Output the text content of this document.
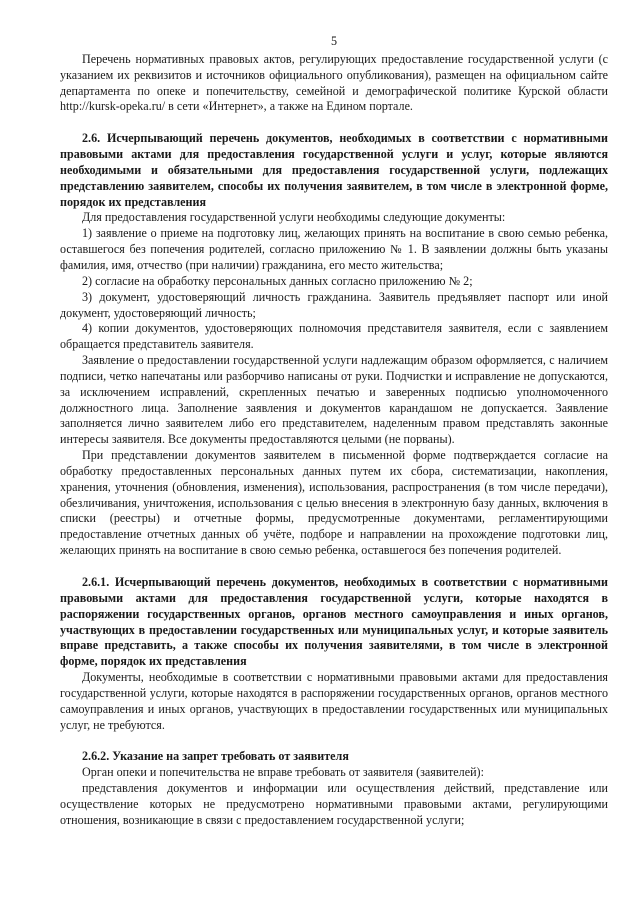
5

Перечень нормативных правовых актов, регулирующих предоставление государственной услуги (с указанием их реквизитов и источников официального опубликования), размещен на официальном сайте департамента по опеке и попечительству, семейной и демографической политике Курской области http://kursk-opeka.ru/ в сети «Интернет», а также на Едином портале.

2.6. Исчерпывающий перечень документов, необходимых в соответствии с нормативными правовыми актами для предоставления государственной услуги и услуг, которые являются необходимыми и обязательными для предоставления государственной услуги, подлежащих представлению заявителем, способы их получения заявителем, в том числе в электронной форме, порядок их представления

Для предоставления государственной услуги необходимы следующие документы:

1) заявление о приеме на подготовку лиц, желающих принять на воспитание в свою семью ребенка, оставшегося без попечения родителей, согласно приложению № 1. В заявлении должны быть указаны фамилия, имя, отчество (при наличии) гражданина, его место жительства;

2) согласие на обработку персональных данных согласно приложению № 2;

3) документ, удостоверяющий личность гражданина. Заявитель предъявляет паспорт или иной документ, удостоверяющий личность;

4) копии документов, удостоверяющих полномочия представителя заявителя, если с заявлением обращается представитель заявителя.

Заявление о предоставлении государственной услуги надлежащим образом оформляется, с наличием подписи, четко напечатаны или разборчиво написаны от руки. Подчистки и исправление не допускаются, за исключением исправлений, скрепленных печатью и заверенных подписью уполномоченного должностного лица. Заполнение заявления и документов карандашом не допускается. Заявление заполняется лично заявителем либо его представителем, наделенным правом представлять законные интересы заявителя. Все документы предоставляются целыми (не порваны).

При представлении документов заявителем в письменной форме подтверждается согласие на обработку предоставленных персональных данных путем их сбора, систематизации, накопления, хранения, уточнения (обновления, изменения), использования, распространения (в том числе передачи), обезличивания, уничтожения, использования с целью внесения в электронную базу данных, включения в списки (реестры) и отчетные формы, предусмотренные документами, регламентирующими предоставление отчетных данных об учёте, подборе и направлении на прохождение подготовки лиц, желающих принять на воспитание в свою семью ребенка, оставшегося без попечения родителей.

2.6.1. Исчерпывающий перечень документов, необходимых в соответствии с нормативными правовыми актами для предоставления государственной услуги, которые находятся в распоряжении государственных органов, органов местного самоуправления и иных органов, участвующих в предоставлении государственных или муниципальных услуг, и которые заявитель вправе представить, а также способы их получения заявителями, в том числе в электронной форме, порядок их представления

Документы, необходимые в соответствии с нормативными правовыми актами для предоставления государственной услуги, которые находятся в распоряжении государственных органов, органов местного самоуправления и иных органов, участвующих в предоставлении государственных или муниципальных услуг, не требуются.

2.6.2. Указание на запрет требовать от заявителя

Орган опеки и попечительства не вправе требовать от заявителя (заявителей):

представления документов и информации или осуществления действий, представление или осуществление которых не предусмотрено нормативными правовыми актами, регулирующими отношения, возникающие в связи с предоставлением государственной услуги;
